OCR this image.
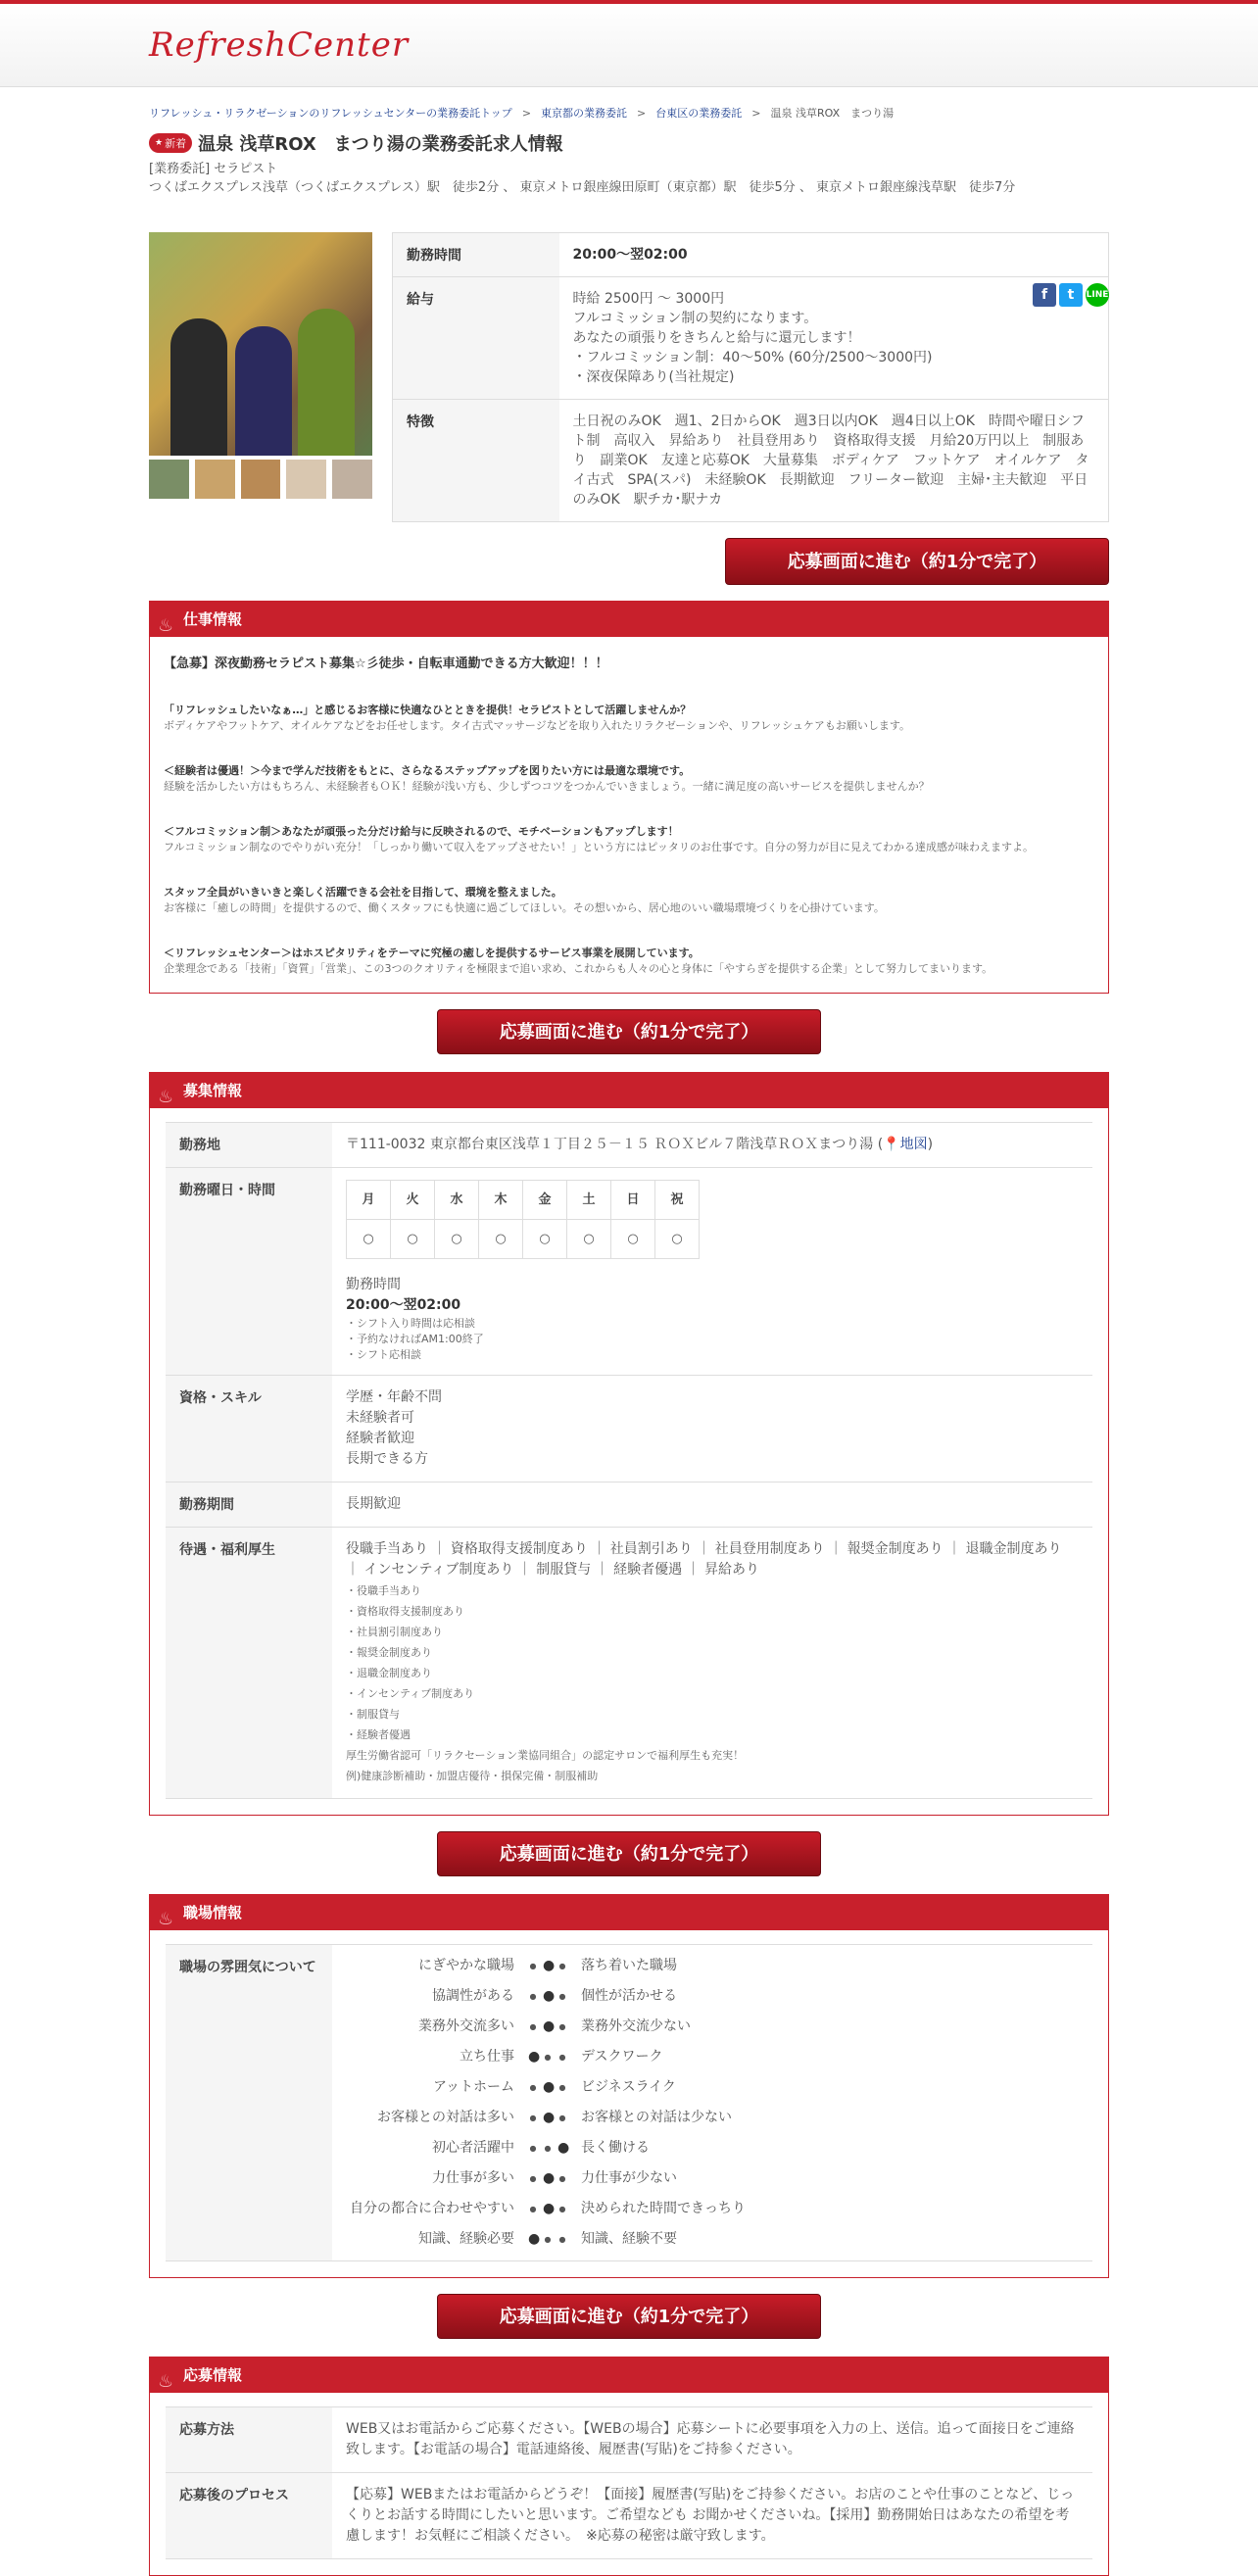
RefreshCenter
リフレッシュ・リラクゼーションのリフレッシュセンターの業務委託トップ > 東京都の業務委託 > 台東区の業務委託 > 温泉 浅草ROX　まつり湯
★ 新着 温泉 浅草ROX　まつり湯の業務委託求人情報
[業務委託] セラピスト
つくばエクスプレス浅草（つくばエクスプレス）駅　徒歩2分 、 東京メトロ銀座線田原町（東京都）駅　徒歩5分 、 東京メトロ銀座線浅草駅　徒歩7分
f	t	LINE
勤務時間	20:00～翌02:00
給与	時給 2500円 ～ 3000円
フルコミッション制の契約になります。
あなたの頑張りをきちんと給与に還元します！
・フルコミッション制：40～50% (60分/2500～3000円)
・深夜保障あり(当社規定)

特徴	土日祝のみOK　週1、2日からOK　週3日以内OK　週4日以上OK　時間や曜日シフト制　高収入　昇給あり　社員登用あり　資格取得支援　月給20万円以上　制服あり　副業OK　友達と応募OK　大量募集　ボディケア　フットケア　オイルケア　タイ古式　SPA(スパ)　未経験OK　長期歓迎　フリーター歓迎　主婦･主夫歓迎　平日のみOK　駅チカ･駅ナカ
応募画面に進む（約1分で完了）
♨ 仕事情報
【急募】深夜勤務セラピスト募集☆彡徒歩・自転車通勤できる方大歓迎！！！
「リフレッシュしたいなぁ…」と感じるお客様に快適なひとときを提供！セラピストとして活躍しませんか？
ボディケアやフットケア、オイルケアなどをお任せします。タイ古式マッサージなどを取り入れたリラクゼーションや、リフレッシュケアもお願いします。
＜経験者は優遇！＞今まで学んだ技術をもとに、さらなるステップアップを図りたい方には最適な環境です。
経験を活かしたい方はもちろん、未経験者もＯＫ！経験が浅い方も、少しずつコツをつかんでいきましょう。一緒に満足度の高いサービスを提供しませんか？
＜フルコミッション制＞あなたが頑張った分だけ給与に反映されるので、モチベーションもアップします！
フルコミッション制なのでやりがい充分！「しっかり働いて収入をアップさせたい！」という方にはピッタリのお仕事です。自分の努力が目に見えてわかる達成感が味わえますよ。
スタッフ全員がいきいきと楽しく活躍できる会社を目指して、環境を整えました。
お客様に「癒しの時間」を提供するので、働くスタッフにも快適に過ごしてほしい。その想いから、居心地のいい職場環境づくりを心掛けています。
＜リフレッシュセンター＞はホスピタリティをテーマに究極の癒しを提供するサービス事業を展開しています。
企業理念である「技術」「資質」「営業」、この3つのクオリティを極限まで追い求め、これからも人々の心と身体に「やすらぎを提供する企業」として努力してまいります。
応募画面に進む（約1分で完了）
♨ 募集情報
勤務地	〒111-0032 東京都台東区浅草１丁目２５－１５ ＲＯＸビル７階浅草ＲＯＸまつり湯 (📍地図)
勤務曜日・時間	
月	火	水	木	金	土	日	祝
○	○	○	○	○	○	○	○
勤務時間
20:00～翌02:00
・シフト入り時間は応相談
・予約なければAM1:00終了
・シフト応相談

資格・スキル	学歴・年齢不問
未経験者可
経験者歓迎
長期できる方

勤務期間	長期歓迎
待遇・福利厚生	役職手当あり ｜ 資格取得支援制度あり ｜ 社員割引あり ｜ 社員登用制度あり ｜ 報奨金制度あり ｜ 退職金制度あり ｜ インセンティブ制度あり ｜ 制服貸与 ｜ 経験者優遇 ｜ 昇給あり
・役職手当あり
・資格取得支援制度あり
・社員割引制度あり
・報奨金制度あり
・退職金制度あり
・インセンティブ制度あり
・制服貸与
・経験者優遇
厚生労働省認可「リラクセーション業協同組合」の認定サロンで福利厚生も充実！
例)健康診断補助・加盟店優待・損保完備・制服補助
応募画面に進む（約1分で完了）
♨ 職場情報
職場の雰囲気について	にぎやかな職場 ● ● ● 落ち着いた職場
協調性がある ● ● ● 個性が活かせる
業務外交流多い ● ● ● 業務外交流少ない
立ち仕事 ● ● ● デスクワーク
アットホーム ● ● ● ビジネスライク
お客様との対話は多い ● ● ● お客様との対話は少ない
初心者活躍中 ● ● ● 長く働ける
力仕事が多い ● ● ● 力仕事が少ない
自分の都合に合わせやすい ● ● ● 決められた時間できっちり
知識、経験必要 ● ● ● 知識、経験不要
応募画面に進む（約1分で完了）
♨ 応募情報
応募方法	WEB又はお電話からご応募ください。【WEBの場合】応募シートに必要事項を入力の上、送信。追って面接日をご連絡致します。【お電話の場合】電話連絡後、履歴書(写貼)をご持参ください。
応募後のプロセス	【応募】WEBまたはお電話からどうぞ！【面接】履歴書(写貼)をご持参ください。お店のことや仕事のことなど、じっくりとお話する時間にしたいと思います。ご希望なども お聞かせくださいね。【採用】勤務開始日はあなたの希望を考慮します！お気軽にご相談ください。　※応募の秘密は厳守致します。
